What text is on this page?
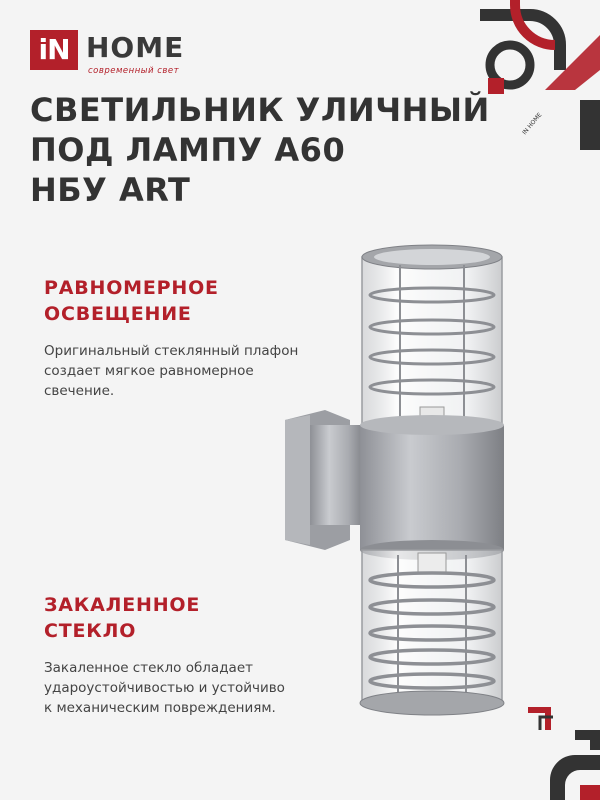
iN HOME
современный свет
IN HOME
СВЕТИЛЬНИК УЛИЧНЫЙ
ПОД ЛАМПУ А60
НБУ ART
РАВНОМЕРНОЕ
ОСВЕЩЕНИЕ

Оригинальный стеклянный плафон
создает мягкое равномерное
свечение.

ЗАКАЛЕННОЕ
СТЕКЛО

Закаленное стекло обладает
удароустойчивостью и устойчиво
к механическим повреждениям.
